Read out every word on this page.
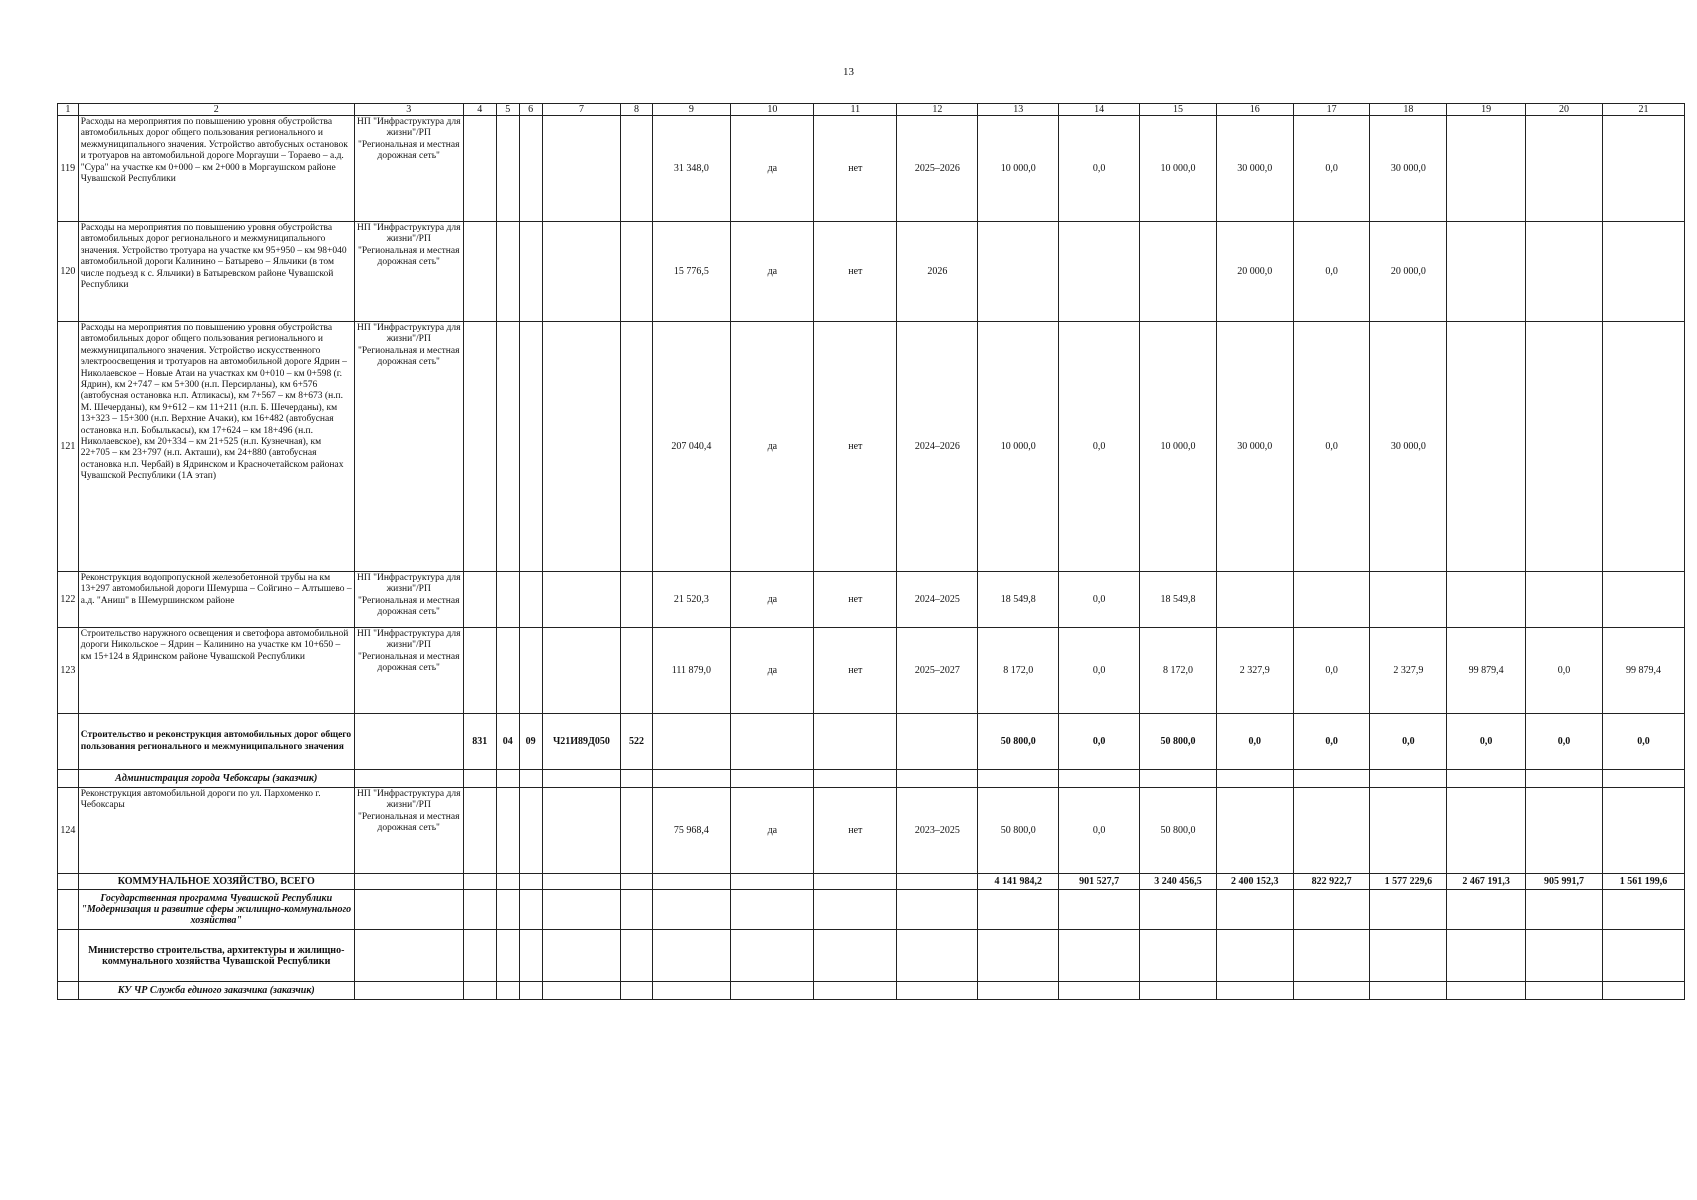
13
1	2	3	4	5	6	7	8	9	10	11	12	13	14	15	16	17	18	19	20	21
119	Расходы на мероприятия по повышению уровня обустройства автомобильных дорог общего пользования регионального и межмуниципального значения. Устройство автобусных остановок и тротуаров на автомобильной дороге Моргауши – Тораево – а.д. "Сура" на участке км 0+000 – км 2+000 в Моргаушском районе Чувашской Республики	НП "Инфраструктура для жизни"/РП "Региональная и местная дорожная сеть"						31 348,0	да	нет	2025–2026	10 000,0	0,0	10 000,0	30 000,0	0,0	30 000,0			
120	Расходы на мероприятия по повышению уровня обустройства автомобильных дорог регионального и межмуниципального значения. Устройство тротуара на участке км 95+950 – км 98+040 автомобильной дороги Калинино – Батырево – Яльчики (в том числе подъезд к с. Яльчики) в Батыревском районе Чувашской Республики	НП "Инфраструктура для жизни"/РП "Региональная и местная дорожная сеть"						15 776,5	да	нет	2026				20 000,0	0,0	20 000,0			
121	Расходы на мероприятия по повышению уровня обустройства автомобильных дорог общего пользования регионального и межмуниципального значения. Устройство искусственного электроосвещения и тротуаров на автомобильной дороге Ядрин – Николаевское – Новые Атаи на участках км 0+010 – км 0+598 (г. Ядрин), км 2+747 – км 5+300 (н.п. Персирланы), км 6+576 (автобусная остановка н.п. Атликасы), км 7+567 – км 8+673 (н.п. М. Шечерданы), км 9+612 – км 11+211 (н.п. Б. Шечерданы), км 13+323 – 15+300 (н.п. Верхние Ачаки), км 16+482 (автобусная остановка н.п. Бобылькасы), км 17+624 – км 18+496 (н.п. Николаевское), км 20+334 – км 21+525 (н.п. Кузнечная), км 22+705 – км 23+797 (н.п. Акташи), км 24+880 (автобусная остановка н.п. Чербай) в Ядринском и Красночетайском районах Чувашской Республики (1А этап)	НП "Инфраструктура для жизни"/РП "Региональная и местная дорожная сеть"						207 040,4	да	нет	2024–2026	10 000,0	0,0	10 000,0	30 000,0	0,0	30 000,0			
122	Реконструкция водопропускной железобетонной трубы на км 13+297 автомобильной дороги Шемурша – Сойгино – Алтышево – а.д. "Аниш" в Шемуршинском районе	НП "Инфраструктура для жизни"/РП "Региональная и местная дорожная сеть"						21 520,3	да	нет	2024–2025	18 549,8	0,0	18 549,8						
123	Строительство наружного освещения и светофора автомобильной дороги Никольское – Ядрин – Калинино на участке км 10+650 – км 15+124 в Ядринском районе Чувашской Республики	НП "Инфраструктура для жизни"/РП "Региональная и местная дорожная сеть"						111 879,0	да	нет	2025–2027	8 172,0	0,0	8 172,0	2 327,9	0,0	2 327,9	99 879,4	0,0	99 879,4
	Строительство и реконструкция автомобильных дорог общего пользования регионального и межмуниципального значения		831	04	09	Ч21И89Д050	522					50 800,0	0,0	50 800,0	0,0	0,0	0,0	0,0	0,0	0,0
	Администрация города Чебоксары (заказчик)																			
124	Реконструкция автомобильной дороги по ул. Пархоменко г. Чебоксары	НП "Инфраструктура для жизни"/РП "Региональная и местная дорожная сеть"						75 968,4	да	нет	2023–2025	50 800,0	0,0	50 800,0						
	КОММУНАЛЬНОЕ ХОЗЯЙСТВО, ВСЕГО											4 141 984,2	901 527,7	3 240 456,5	2 400 152,3	822 922,7	1 577 229,6	2 467 191,3	905 991,7	1 561 199,6
	Государственная программа Чувашской Республики "Модернизация и развитие сферы жилищно-коммунального хозяйства"																			
	Министерство строительства, архитектуры и жилищно-коммунального хозяйства Чувашской Республики																			
	КУ ЧР Служба единого заказчика (заказчик)																			
